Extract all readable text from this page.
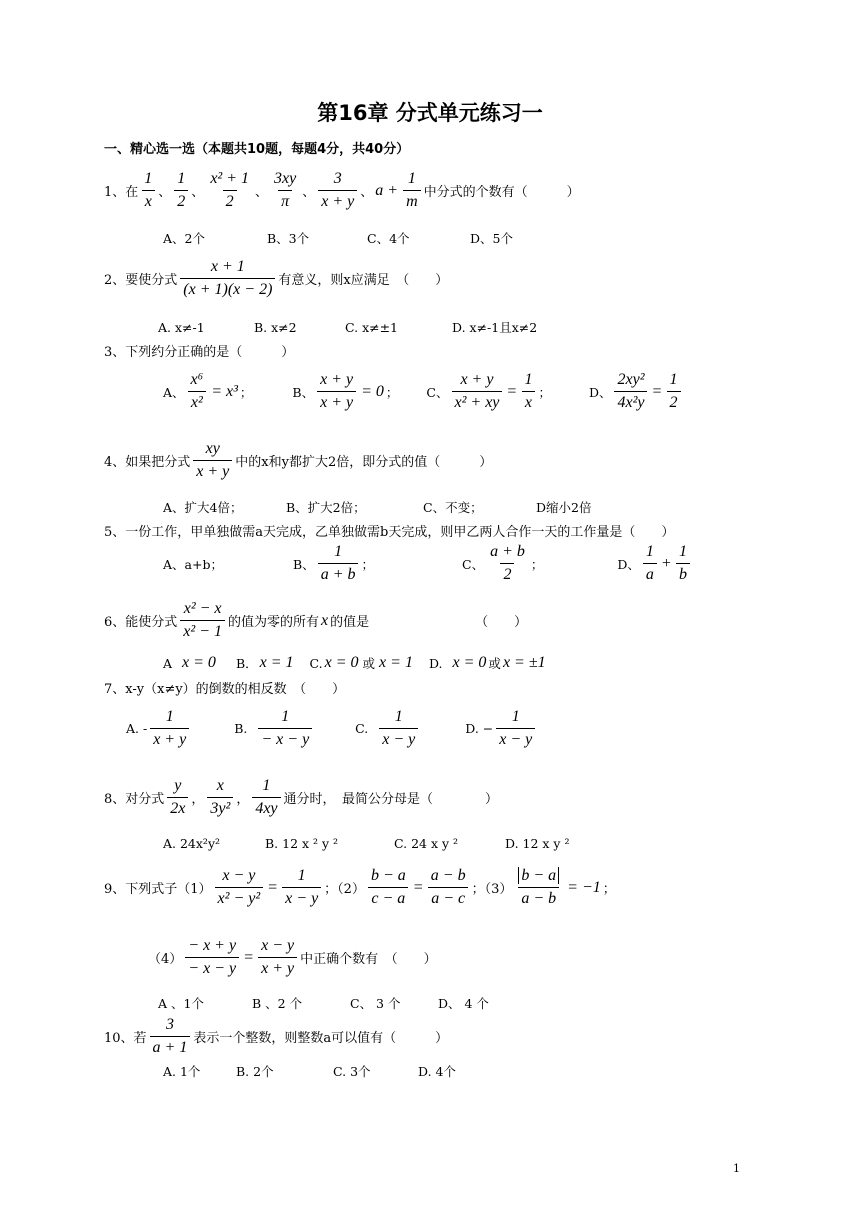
第16章 分式单元练习一
一、精心选一选（本题共10题，每题4分，共40分）
1、在 $\frac{1}{x}$ 、 $\frac{1}{2}$ 、 $\frac{\text{x² + 1}}{2}$ 、 $\frac{3xy}{\pi}$ 、 $\frac{3}{x + y}$ 、 $a + \frac{1}{m}$ 中分式的个数有（　　　）
A、2个	B、3个	C、4个	D、5个
2、要使分式 $\frac{x + 1}{(x + 1)(x - 2)}$ 有意义，则x应满足　（　　）
A. x≠-1	B. x≠2	C. x≠±1	D. x≠-1且x≠2
3、下列约分正确的是（　　　）
A、 $\frac{\text{x⁶}}{\text{x²}} = x^3$ ；	B、 $\frac{x + y}{x + y} = 0$ ； C、 $\frac{x + y}{\text{x² + xy}} = \frac{1}{x}$ ；	D、 $\frac{\text{2xy²}}{\text{4x²y}} = \frac{1}{2}$
4、如果把分式 $\frac{xy}{x + y}$ 中的x和y都扩大2倍，即分式的值（　　　）
A、扩大4倍；	B、扩大2倍；	C、不变；	D缩小2倍
5、一份工作，甲单独做需a天完成，乙单独做需b天完成，则甲乙两人合作一天的工作量是（　　）
A、a+b；	B、 $\frac{1}{a + b}$ ；	C、 $\frac{a + b}{2}$ ；	D、 $\frac{1}{a} + \frac{1}{b}$
6、能使分式 $\frac{\text{x² − x}}{\text{x² − 1}}$ 的值为零的所有 x 的值是	（　　）
A x = 0 B． x = 1 C. x = 0 或 x = 1 D. x = 0 或 x = ±1
7、x-y（x≠y）的倒数的相反数　（　　）
A. - $\frac{1}{x + y}$	B. $\frac{1}{- x - y}$	C. $\frac{1}{x - y}$	D. − $\frac{1}{x - y}$
8、对分式 $\frac{y}{2x}$ ， $\frac{x}{\text{3y²}}$ ， $\frac{1}{4xy}$ 通分时，　最简公分母是（　　　　）
A. 24x²y²	B. 12 x ² y ²	C. 24 x y ²	D. 12 x y ²
9、下列式子$(1) \frac{x - y}{\text{x² − y²}} = \frac{1}{x - y}$ ；$(2) \frac{b - a}{c - a} = \frac{a - b}{a - c}$ ；$(3) \frac{b - a}{a - b} = -1$ ；
$(4) \frac{- x + y}{- x - y} = \frac{x - y}{x + y}$ 中正确个数有　（　　）
A 、1个	B 、2 个	C、 3 个	D、 4 个
10、若 $\frac{3}{a + 1}$ 表示一个整数，则整数a可以值有（　　　）
A. 1个	B. 2个	C. 3个	D. 4个
1
